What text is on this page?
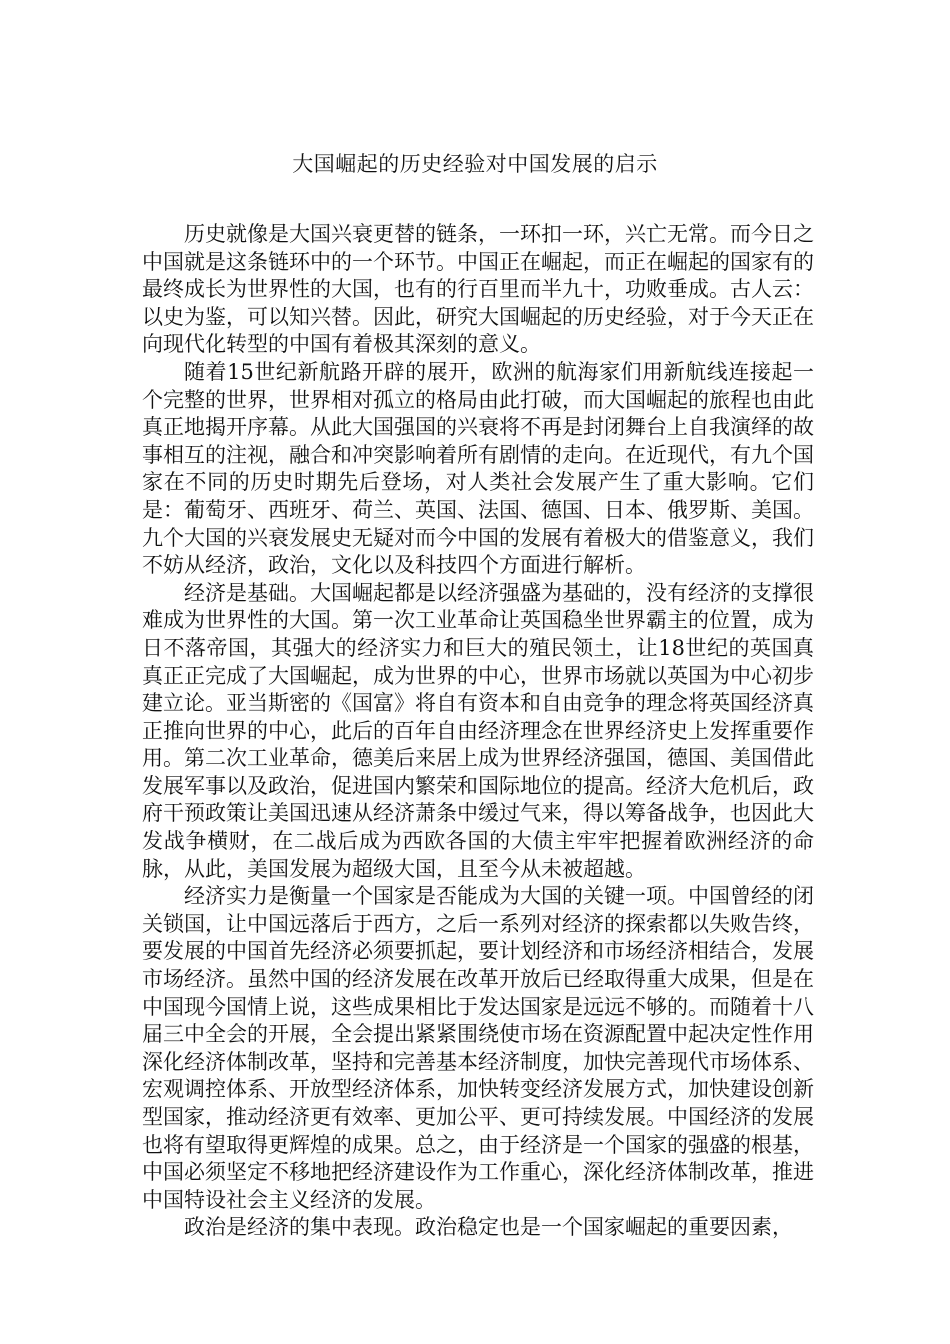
大国崛起的历史经验对中国发展的启示

历史就像是大国兴衰更替的链条，一环扣一环，兴亡无常。而今日之中国就是这条链环中的一个环节。中国正在崛起，而正在崛起的国家有的最终成长为世界性的大国，也有的行百里而半九十，功败垂成。古人云：以史为鉴，可以知兴替。因此，研究大国崛起的历史经验，对于今天正在向现代化转型的中国有着极其深刻的意义。

随着15世纪新航路开辟的展开，欧洲的航海家们用新航线连接起一个完整的世界，世界相对孤立的格局由此打破，而大国崛起的旅程也由此真正地揭开序幕。从此大国强国的兴衰将不再是封闭舞台上自我演绎的故事相互的注视，融合和冲突影响着所有剧情的走向。在近现代，有九个国家在不同的历史时期先后登场，对人类社会发展产生了重大影响。它们是：葡萄牙、西班牙、荷兰、英国、法国、德国、日本、俄罗斯、美国。九个大国的兴衰发展史无疑对而今中国的发展有着极大的借鉴意义，我们不妨从经济，政治，文化以及科技四个方面进行解析。

经济是基础。大国崛起都是以经济强盛为基础的，没有经济的支撑很难成为世界性的大国。第一次工业革命让英国稳坐世界霸主的位置，成为日不落帝国，其强大的经济实力和巨大的殖民领土，让18世纪的英国真真正正完成了大国崛起，成为世界的中心，世界市场就以英国为中心初步建立论。亚当斯密的《国富》将自有资本和自由竞争的理念将英国经济真正推向世界的中心，此后的百年自由经济理念在世界经济史上发挥重要作用。第二次工业革命，德美后来居上成为世界经济强国，德国、美国借此发展军事以及政治，促进国内繁荣和国际地位的提高。经济大危机后，政府干预政策让美国迅速从经济萧条中缓过气来，得以筹备战争，也因此大发战争横财，在二战后成为西欧各国的大债主牢牢把握着欧洲经济的命脉，从此，美国发展为超级大国，且至今从未被超越。

经济实力是衡量一个国家是否能成为大国的关键一项。中国曾经的闭关锁国，让中国远落后于西方，之后一系列对经济的探索都以失败告终，要发展的中国首先经济必须要抓起，要计划经济和市场经济相结合，发展市场经济。虽然中国的经济发展在改革开放后已经取得重大成果，但是在中国现今国情上说，这些成果相比于发达国家是远远不够的。而随着十八届三中全会的开展，全会提出紧紧围绕使市场在资源配置中起决定性作用深化经济体制改革，坚持和完善基本经济制度，加快完善现代市场体系、宏观调控体系、开放型经济体系，加快转变经济发展方式，加快建设创新型国家，推动经济更有效率、更加公平、更可持续发展。中国经济的发展也将有望取得更辉煌的成果。总之，由于经济是一个国家的强盛的根基，中国必须坚定不移地把经济建设作为工作重心，深化经济体制改革，推进中国特设社会主义经济的发展。

政治是经济的集中表现。政治稳定也是一个国家崛起的重要因素，
